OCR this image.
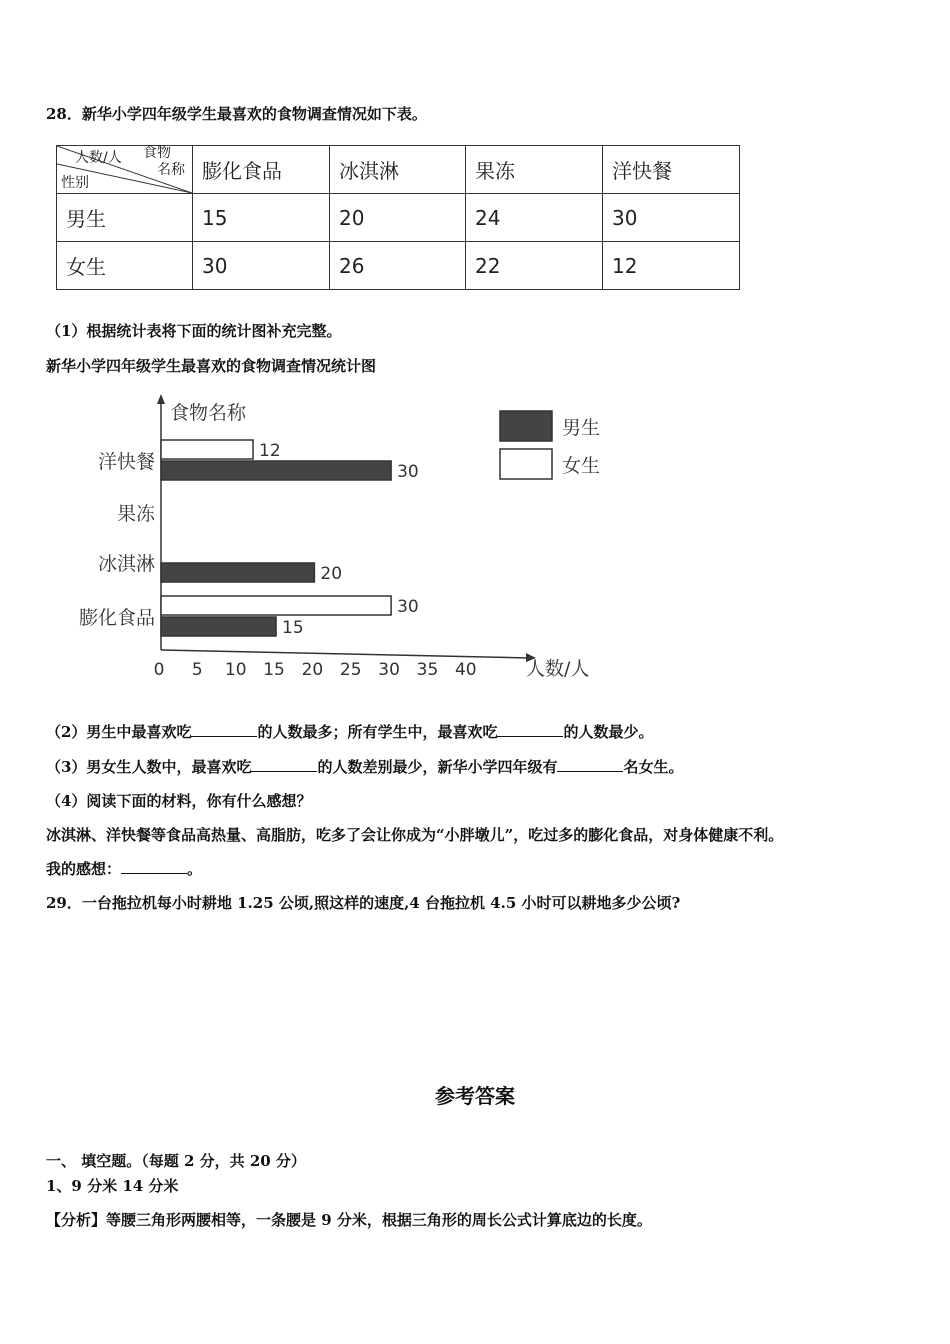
28．新华小学四年级学生最喜欢的食物调查情况如下表。
食物
人数/人
名称
性别	膨化食品	冰淇淋	果冻	洋快餐
男生	15	20	24	30
女生	30	26	22	12
（1）根据统计表将下面的统计图补充完整。
新华小学四年级学生最喜欢的食物调查情况统计图
食物名称
人数/人
膨化食品
冰淇淋
果冻
洋快餐
0 5 10 15 20 25 30 35 40
15
20
30
30
12
男生
女生
（2）男生中最喜欢吃	的人数最多；所有学生中，最喜欢吃	的人数最少。
（3）男女生人数中，最喜欢吃	的人数差别最少，新华小学四年级有	名女生。
（4）阅读下面的材料，你有什么感想？
冰淇淋、洋快餐等食品高热量、高脂肪，吃多了会让你成为“小胖墩儿”，吃过多的膨化食品，对身体健康不利。
我的感想：	。
29．一台拖拉机每小时耕地 1.25 公顷,照这样的速度,4 台拖拉机 4.5 小时可以耕地多少公顷?
参考答案
一、 填空题。（每题 2 分，共 20 分）
1、9 分米 14 分米
【分析】等腰三角形两腰相等，一条腰是 9 分米，根据三角形的周长公式计算底边的长度。
